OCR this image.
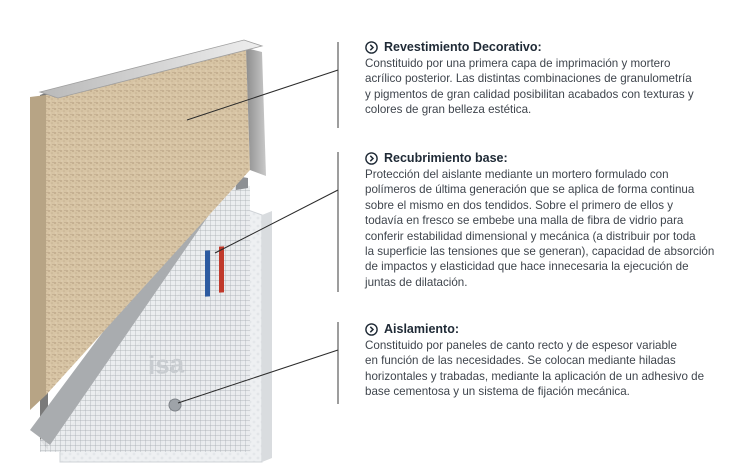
isa
Revestimiento Decorativo:
Constituido por una primera capa de imprimación y mortero
acrílico posterior. Las distintas combinaciones de granulometría
y pigmentos de gran calidad posibilitan acabados con texturas y
colores de gran belleza estética.
Recubrimiento base:
Protección del aislante mediante un mortero formulado con
polímeros de última generación que se aplica de forma continua
sobre el mismo en dos tendidos. Sobre el primero de ellos y
todavía en fresco se embebe una malla de fibra de vidrio para
conferir estabilidad dimensional y mecánica (a distribuir por toda
la superficie las tensiones que se generan), capacidad de absorción
de impactos y elasticidad que hace innecesaria la ejecución de
juntas de dilatación.
Aislamiento:
Constituido por paneles de canto recto y de espesor variable
en función de las necesidades. Se colocan mediante hiladas
horizontales y trabadas, mediante la aplicación de un adhesivo de
base cementosa y un sistema de fijación mecánica.
